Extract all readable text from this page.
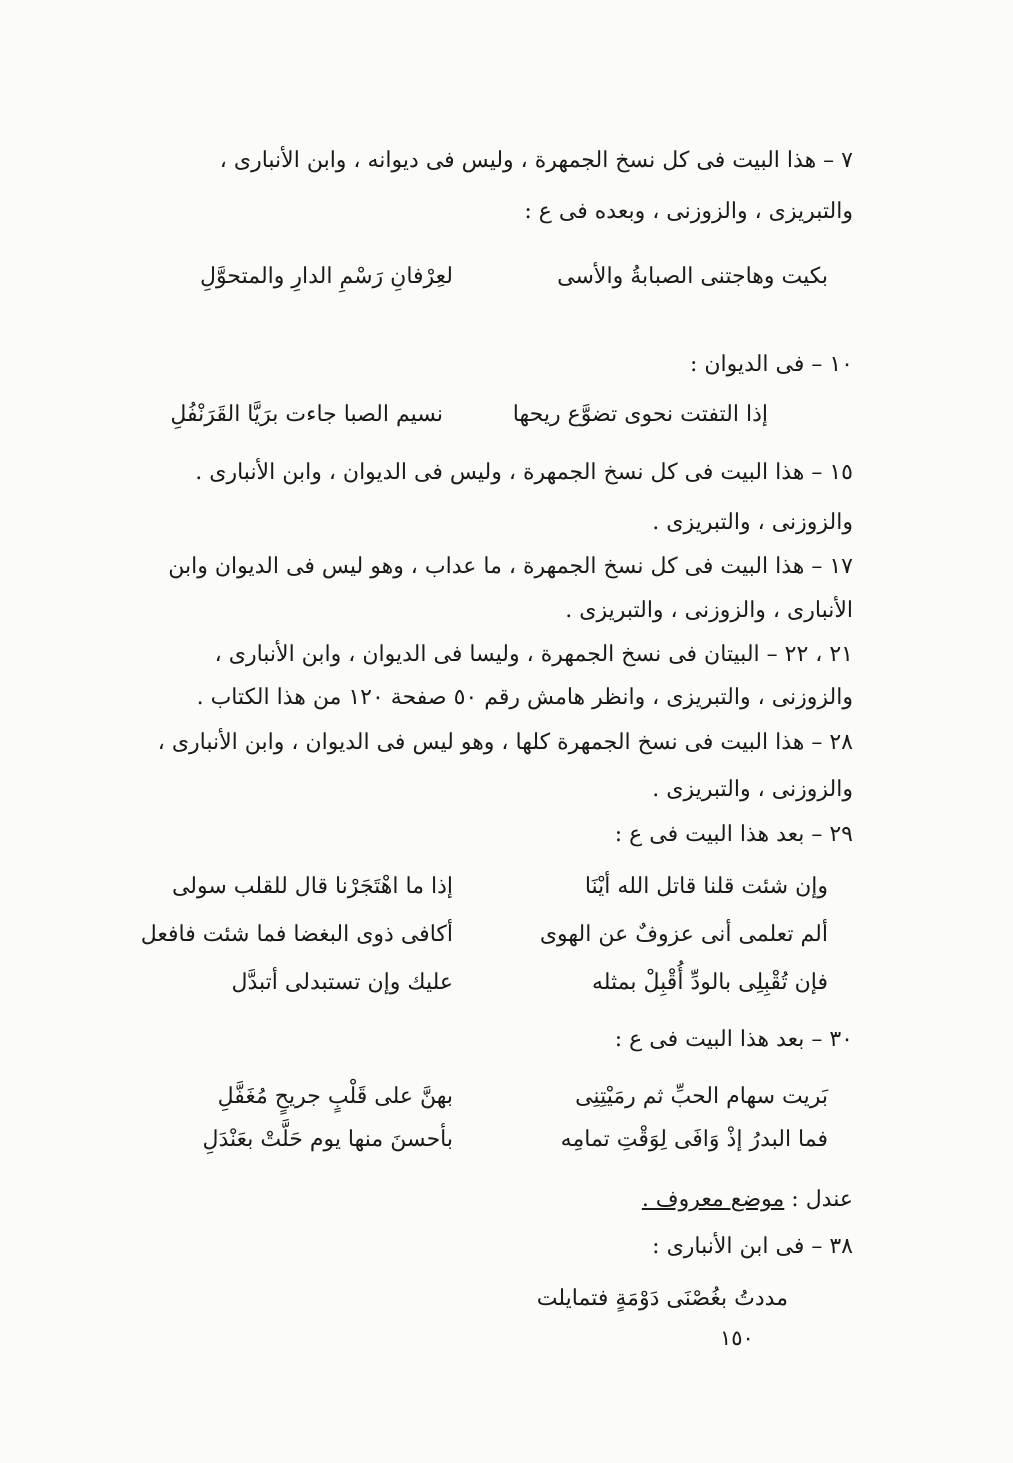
٧ – هذا البيت فى كل نسخ الجمهرة ، وليس فى ديوانه ، وابن الأنبارى ،
والتبريزى ، والزوزنى ، وبعده فى ع :
بكيت وهاجتنى الصبابةُ والأسى
لعِرْفانِ رَسْمِ الدارِ والمتحوَّلِ
١٠ – فى الديوان :
إذا التفتت نحوى تضوَّع ريحها
نسيم الصبا جاءت برَيَّا القَرَنْفُلِ
١٥ – هذا البيت فى كل نسخ الجمهرة ، وليس فى الديوان ، وابن الأنبارى .
والزوزنى ، والتبريزى .
١٧ – هذا البيت فى كل نسخ الجمهرة ، ما عداب ، وهو ليس فى الديوان وابن
الأنبارى ، والزوزنى ، والتبريزى .
٢١ ، ٢٢ – البيتان فى نسخ الجمهرة ، وليسا فى الديوان ، وابن الأنبارى ،
والزوزنى ، والتبريزى ، وانظر هامش رقم ٥٠ صفحة ١٢٠ من هذا الكتاب .
٢٨ – هذا البيت فى نسخ الجمهرة كلها ، وهو ليس فى الديوان ، وابن الأنبارى ،
والزوزنى ، والتبريزى .
٢٩ – بعد هذا البيت فى ع :
وإن شئت قلنا قاتل الله أيْنَا
إذا ما اهْتَجَرْنا قال للقلب سولى
ألم تعلمى أنى عزوفٌ عن الهوى
أكافى ذوى البغضا فما شئت فافعل
فإن تُقْبِلِى بالودِّ أُقْبِلْ بمثله
عليك وإن تستبدلى أتبدَّل
٣٠ – بعد هذا البيت فى ع :
بَريت سهام الحبِّ ثم رمَيْتِنِى
بهنَّ على قَلْبٍ جريحٍ مُغَفَّلِ
فما البدرُ إذْ وَافَى لِوَقْتِ تمامِه
بأحسنَ منها يوم حَلَّتْ بعَنْدَلِ
عندل : موضع معروف .
٣٨ – فى ابن الأنبارى :
مددتُ بغُصْنَى دَوْمَةٍ فتمايلت
١٥٠
